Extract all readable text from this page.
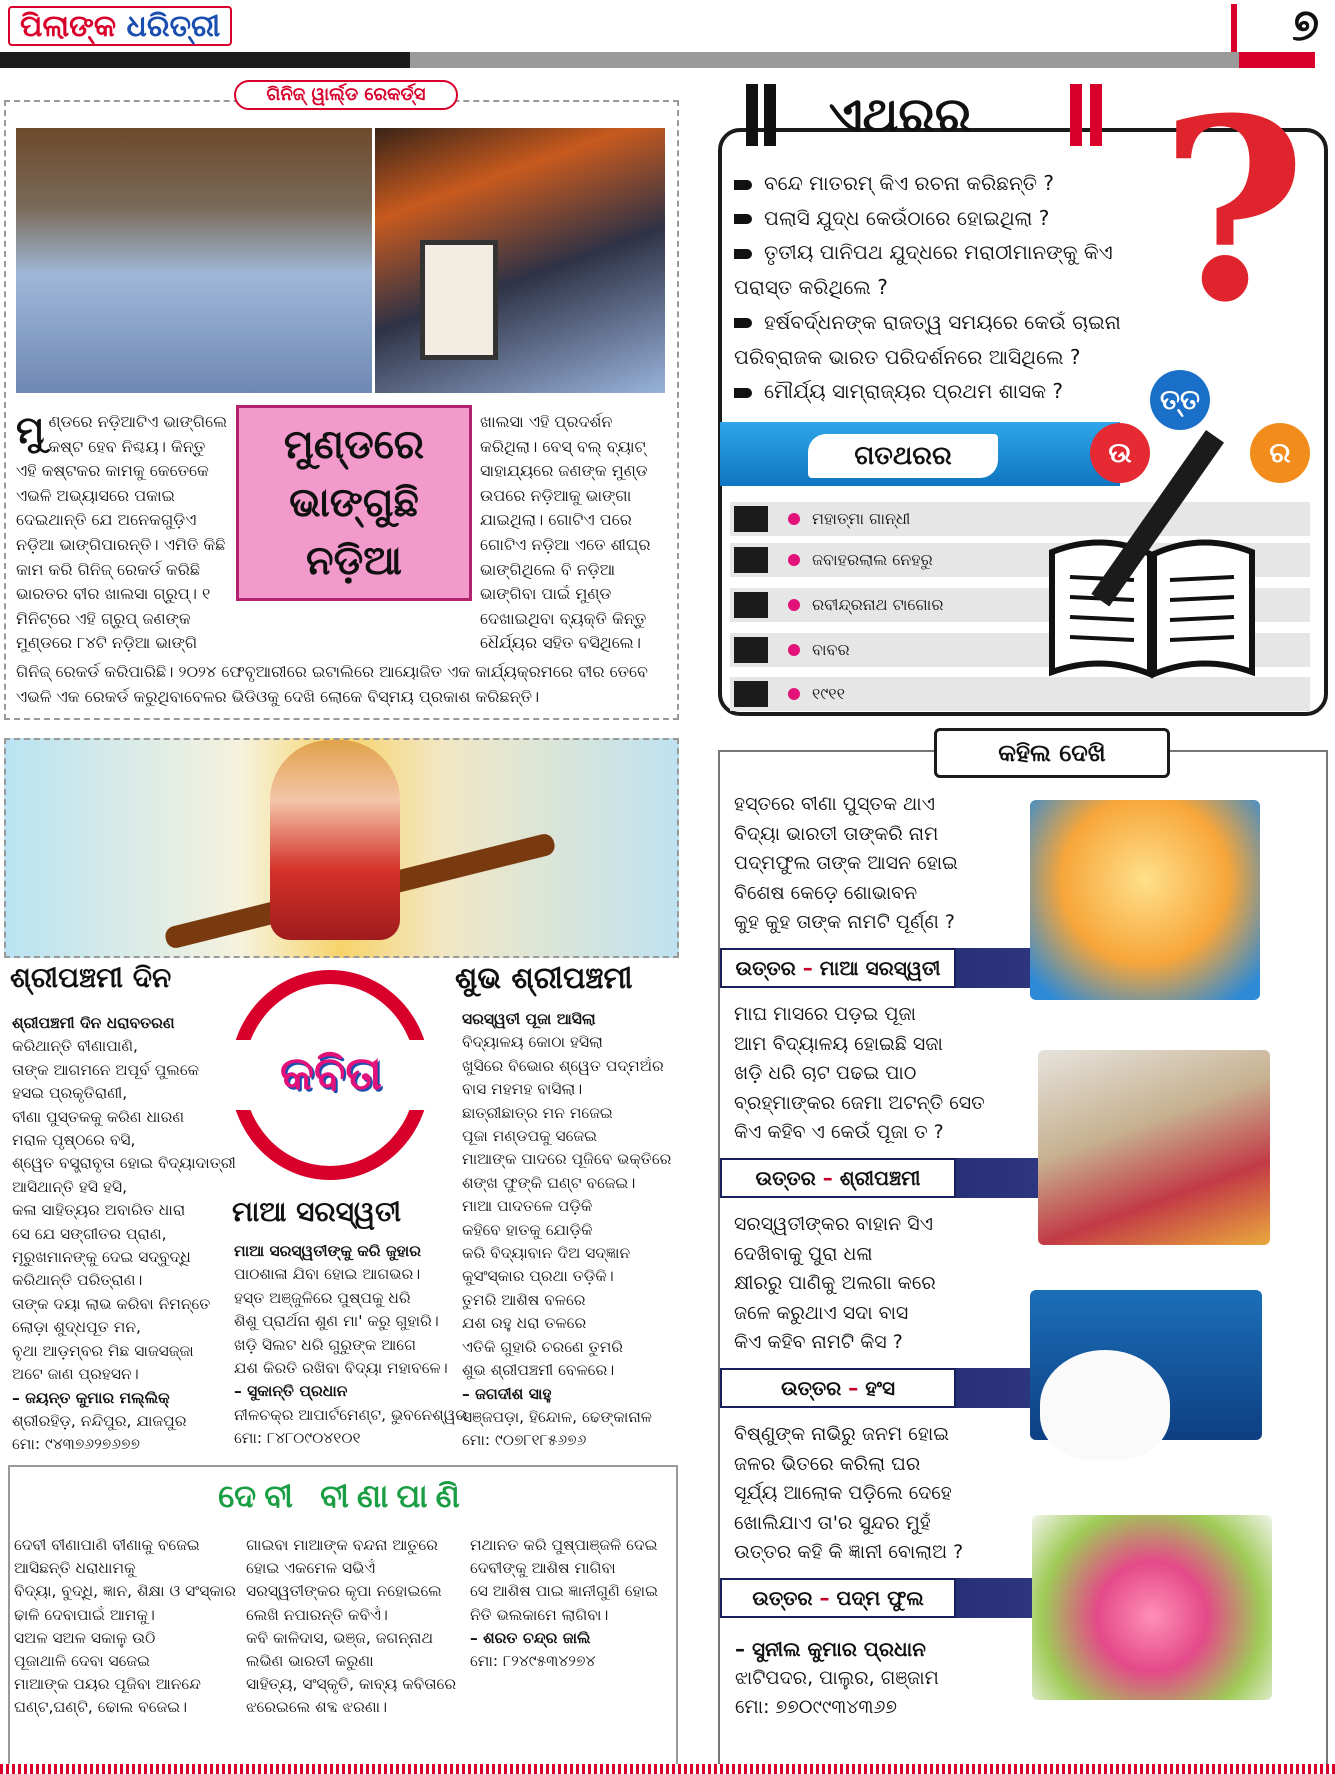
ପିଲାଙ୍କ ଧରିତ୍ରୀ	୭
ଗିନିଜ୍ ୱାର୍ଲ୍ଡ ରେକର୍ଡ୍ସ
ମୁଣ୍ଡରେ
ଭାଙ୍ଗୁଛି
ନଡ଼ିଆ
ମୁ ଣ୍ଡରେ ନଡ଼ିଆଟିଏ ଭାଙ୍ଗିଲେ କଷ୍ଟ ହେବ ନିଶ୍ଚୟ। କିନ୍ତୁ ଏହି କଷ୍ଟକର କାମକୁ କେତେକେ ଏଭଳି ଅଭ୍ୟାସରେ ପକାଇ ଦେଇଥାନ୍ତି ଯେ ଅନେକଗୁଡ଼ିଏ ନଡ଼ିଆ ଭାଙ୍ଗିପାରନ୍ତି। ଏମିତି କିଛି କାମ କରି ଗିନିଜ୍ ରେକର୍ଡ କରିଛି ଭାରତର ବୀର ଖାଲସା ଗ୍ରୁପ୍। ୧ ମିନିଟ୍‌ରେ ଏହି ଗ୍ରୁପ୍ ଜଣଙ୍କ ମୁଣ୍ଡରେ ୮୪ଟି ନଡ଼ିଆ ଭାଙ୍ଗି
ଖାଲସା ଏହି ପ୍ରଦର୍ଶନ କରିଥିଲା। ବେସ୍ ବଲ୍ ବ୍ୟାଟ୍ ସାହାଯ୍ୟରେ ଜଣଙ୍କ ମୁଣ୍ଡ ଉପରେ ନଡ଼ିଆକୁ ଭାଙ୍ଗା ଯାଇଥିଲା। ଗୋଟିଏ ପରେ ଗୋଟିଏ ନଡ଼ିଆ ଏତେ ଶୀଘ୍ର ଭାଙ୍ଗିଥିଲେ ବି ନଡ଼ିଆ ଭାଙ୍ଗିବା ପାଇଁ ମୁଣ୍ଡ ଦେଖାଇଥିବା ବ୍ୟକ୍ତି କିନ୍ତୁ ଧୈର୍ଯ୍ୟର ସହିତ ବସିଥିଲେ।
ଗିନିଜ୍ ରେକର୍ଡ କରିପାରିଛି। ୨୦୨୪ ଫେବୃଆରୀରେ ଇଟାଲିରେ ଆୟୋଜିତ ଏକ କାର୍ଯ୍ୟକ୍ରମରେ ବୀର ତେବେ ଏଭଳି ଏକ ରେକର୍ଡ କରୁଥିବାବେଳର ଭିଡିଓକୁ ଦେଖି ଲୋକେ ବିସ୍ମୟ ପ୍ରକାଶ କରିଛନ୍ତି।
ଏଥରର ?
ବନ୍ଦେ ମାତରମ୍ କିଏ ରଚନା କରିଛନ୍ତି ?
ପଲାସି ଯୁଦ୍ଧ କେଉଁଠାରେ ହୋଇଥିଲା ?
ତୃତୀୟ ପାନିପଥ ଯୁଦ୍ଧରେ ମରାଠୀମାନଙ୍କୁ କିଏ
ପରାସ୍ତ କରିଥିଲେ ?
ହର୍ଷବର୍ଦ୍ଧନଙ୍କ ରାଜତ୍ୱ ସମୟରେ କେଉଁ ଚାଇନା
ପରିବ୍ରାଜକ ଭାରତ ପରିଦର୍ଶନରେ ଆସିଥିଲେ ?
ମୌର୍ଯ୍ୟ ସାମ୍ରାଜ୍ୟର ପ୍ରଥମ ଶାସକ ?
ଗତଥରର	ଉ
ତ୍ତ
ର
ମହାତ୍ମା ଗାନ୍ଧୀ
ଜବାହରଲାଲ ନେହରୁ
ରବୀନ୍ଦ୍ରନାଥ ଟାଗୋର
ବାବର
୧୯୧୧
କହିଲ ଦେଖି
ହସ୍ତରେ ବୀଣା ପୁସ୍ତକ ଥାଏ
ବିଦ୍ୟା ଭାରତୀ ତାଙ୍କରି ନାମ
ପଦ୍ମଫୁଲ ତାଙ୍କ ଆସନ ହୋଇ
ବିଶେଷ କେଡ଼େ ଶୋଭାବନ
କୁହ କୁହ ତାଙ୍କ ନାମଟି ପୂର୍ଣ୍ଣ ?
ଉତ୍ତର – ମାଆ ସରସ୍ୱତୀ
ମାଘ ମାସରେ ପଡ଼ଇ ପୂଜା
ଆମ ବିଦ୍ୟାଳୟ ହୋଇଛି ସଜା
ଖଡ଼ି ଧରି ଚାଟ ପଢଇ ପାଠ
ବ୍ରହ୍ମାଙ୍କର ଜେମା ଅଟନ୍ତି ସେତ
କିଏ କହିବ ଏ କେଉଁ ପୂଜା ତ ?
ଉତ୍ତର – ଶ୍ରୀପଞ୍ଚମୀ
ସରସ୍ୱତୀଙ୍କର ବାହାନ ସିଏ
ଦେଖିବାକୁ ପୁରା ଧଳା
କ୍ଷୀରରୁ ପାଣିକୁ ଅଲଗା କରେ
ଜଳେ କରୁଥାଏ ସଦା ବାସ
କିଏ କହିବ ନାମଟି କିସ ?
ଉତ୍ତର – ହଂସ
ବିଷ୍ଣୁଙ୍କ ନାଭିରୁ ଜନମ ହୋଇ
ଜଳର ଭିତରେ କରିଲା ଘର
ସୂର୍ଯ୍ୟ ଆଲୋକ ପଡ଼ିଲେ ଦେହେ
ଖୋଲିଯାଏ ତା'ର ସୁନ୍ଦର ମୁହଁ
ଉତ୍ତର କହି କି ଜ୍ଞାନୀ ବୋଲାଅ ?
ଉତ୍ତର – ପଦ୍ମ ଫୁଲ
– ସୁନୀଲ କୁମାର ପ୍ରଧାନ
ଝାଟିପଦର, ପାଲୁର, ଗଞ୍ଜାମ
ମୋ: ୭୭୦୯୯୩୪୩୬୭
ଶ୍ରୀପଞ୍ଚମୀ ଦିନ	ଶୁଭ ଶ୍ରୀପଞ୍ଚମୀ
କବିତା
ମାଆ ସରସ୍ୱତୀ
ଶ୍ରୀପଞ୍ଚମୀ ଦିନ ଧରାବତରଣ
କରିଥାନ୍ତି ବୀଣାପାଣି,
ତାଙ୍କ ଆଗମନେ ଅପୂର୍ବ ପୁଲକେ
ହସଇ ପ୍ରକୃତିରାଣୀ,
ବୀଣା ପୁସ୍ତକକୁ କରିଣ ଧାରଣ
ମରାଳ ପୃଷ୍ଠରେ ବସି,
ଶ୍ୱେତ ବସ୍ତ୍ରାବୃତା ହୋଇ ବିଦ୍ୟାଦାତ୍ରୀ
ଆସିଥାନ୍ତି ହସି ହସି,
କଳା ସାହିତ୍ୟର ଅବାରିତ ଧାରା
ସେ ଯେ ସଙ୍ଗୀତର ପ୍ରାଣ,
ମୂରୁଖମାନଙ୍କୁ ଦେଇ ସଦ୍‌ବୁଦ୍ଧି
କରିଥାନ୍ତି ପରିତ୍ରାଣ।
ତାଙ୍କ ଦୟା ଲାଭ କରିବା ନିମନ୍ତେ
ଲୋଡ଼ା ଶୁଦ୍ଧପୂତ ମନ,
ବୃଥା ଆଡ଼ମ୍ବର ମିଛ ସାଜସଜ୍ଜା
ଅଟେ ଜାଣ ପ୍ରହସନ।
– ଜୟନ୍ତ କୁମାର ମଲ୍ଲିକ୍
ଶ୍ରୀରହିଡ଼, ନନ୍ଦିପୁର, ଯାଜପୁର
ମୋ: ୯୪୩୭୬୨୭୬୭୭
ମାଆ ସରସ୍ୱତୀଙ୍କୁ କରି ଜୁହାର
ପାଠଶାଳା ଯିବା ହୋଇ ଆଗଭର।
ହସ୍ତ ଅଞ୍ଜୁଳିରେ ପୁଷ୍ପକୁ ଧରି
ଶିଶୁ ପ୍ରାର୍ଥନା ଶୁଣ ମା' କରୁ ଗୁହାରି।
ଖଡ଼ି ସିଲଟ ଧରି ଗୁରୁଙ୍କ ଆଗେ
ଯଶ କିରତି ରଖିବା ବିଦ୍ୟା ମହାବଳେ।
– ସୁକାନ୍ତି ପ୍ରଧାନ
ନୀଳଚକ୍ର ଆପାର୍ଟମେଣ୍ଟ, ଭୁବନେଶ୍ୱର
ମୋ: ୮୪୮୦୯୦୪୧୦୧
ସରସ୍ୱତୀ ପୂଜା ଆସିଲା
ବିଦ୍ୟାଳୟ କୋଠା ହସିଲା
ଖୁସିରେ ବିଭୋର ଶ୍ୱେତ ପଦ୍ମଅଁର
ବାସ ମହମହ ବାସିଲା।
ଛାତ୍ରୀଛାତ୍ର ମନ ମଜେଇ
ପୂଜା ମଣ୍ଡପକୁ ସଜେଇ
ମାଆଙ୍କ ପାଦରେ ପୂଜିବେ ଭକ୍ତିରେ
ଶଙ୍ଖ ଫୁଙ୍କି ଘଣ୍ଟ ବଜେଇ।
ମାଆ ପାଦତଳେ ପଡ଼ିକି
କହିବେ ହାତକୁ ଯୋଡ଼ିକି
କରି ବିଦ୍ୟାବାନ ଦିଅ ସଦ୍‌ଜ୍ଞାନ
କୁସଂସ୍କାର ପ୍ରଥା ତଡ଼ିକି।
ତୁମରି ଆଶିଷ ବଳରେ
ଯଶ ରହୁ ଧରା ତଳରେ
ଏତିକି ଗୁହାରି ଚରଣେ ତୁମରି
ଶୁଭ ଶ୍ରୀପଞ୍ଚମୀ ବେଳରେ।
– ଜଗଦୀଶ ସାହୁ
ସଞ୍ଜପଡ଼ା, ହିନ୍ଦୋଳ, ଢେଙ୍କାନାଳ
ମୋ: ୯୦୭୮୧୮୫୬୭୬
ଦେବୀ ବୀଣାପାଣି
ଦେବୀ ବୀଣାପାଣି ବୀଣାକୁ ବଜେଇ
ଆସିଛନ୍ତି ଧରାଧାମକୁ
ବିଦ୍ୟା, ବୁଦ୍ଧି, ଜ୍ଞାନ, ଶିକ୍ଷା ଓ ସଂସ୍କାର
ଢାଳି ଦେବାପାଇଁ ଆମକୁ।
ସଅଳ ସଅଳ ସକାଳୁ ଉଠି
ପୂଜାଥାଳି ଦେବା ସଜେଇ
ମାଆଙ୍କ ପୟର ପୂଜିବା ଆନନ୍ଦେ
ଘଣ୍ଟ,ଘଣ୍ଟି, ଢୋଲ ବଜେଇ।
ଗାଇବା ମାଆଙ୍କ ବନ୍ଦନା ଆତୁରେ
ହୋଇ ଏକମେଳ ସଭିଏଁ
ସରସ୍ୱତୀଙ୍କର କୃପା ନହୋଇଲେ
ଲେଖି ନପାରନ୍ତି କବିଏଁ।
କବି କାଳିଦାସ, ଭଞ୍ଜ, ଜଗନ୍ନାଥ
ଲଭିଣ ଭାରତୀ କରୁଣା
ସାହିତ୍ୟ, ସଂସ୍କୃତି, କାବ୍ୟ କବିତାରେ
ଝରେଇଲେ ଶବ୍ଦ ଝରଣା।
ମଥାନତ କରି ପୁଷ୍ପାଞ୍ଜଳି ଦେଇ
ଦେବୀଙ୍କୁ ଆଶିଷ ମାଗିବା
ସେ ଆଶିଷ ପାଇ ଜ୍ଞାନୀଗୁଣି ହୋଇ
ନିତି ଭଲକାମେ ଲାଗିବା।
– ଶରତ ଚନ୍ଦ୍ର ଜାଲି
ମୋ: ୮୨୪୯୫୩୪୨୭୪
